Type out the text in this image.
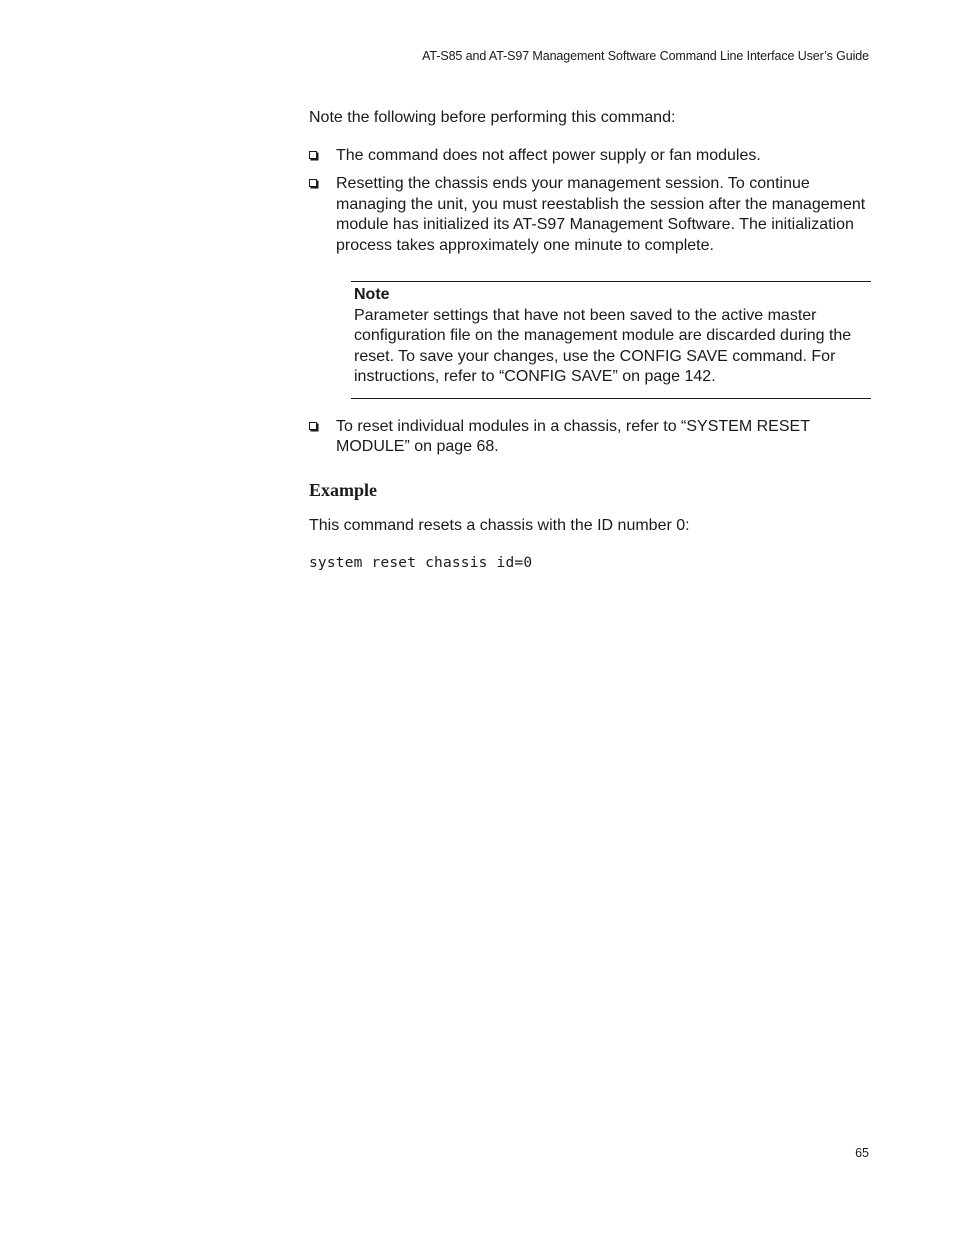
AT-S85 and AT-S97 Management Software Command Line Interface User’s Guide

Note the following before performing this command:

The command does not affect power supply or fan modules.
Resetting the chassis ends your management session. To continue managing the unit, you must reestablish the session after the management module has initialized its AT-S97 Management Software. The initialization process takes approximately one minute to complete.

Note

Parameter settings that have not been saved to the active master configuration file on the management module are discarded during the reset. To save your changes, use the CONFIG SAVE command. For instructions, refer to “CONFIG SAVE” on page 142.

To reset individual modules in a chassis, refer to “SYSTEM RESET MODULE” on page 68.
Example

This command resets a chassis with the ID number 0:

system reset chassis id=0

65
